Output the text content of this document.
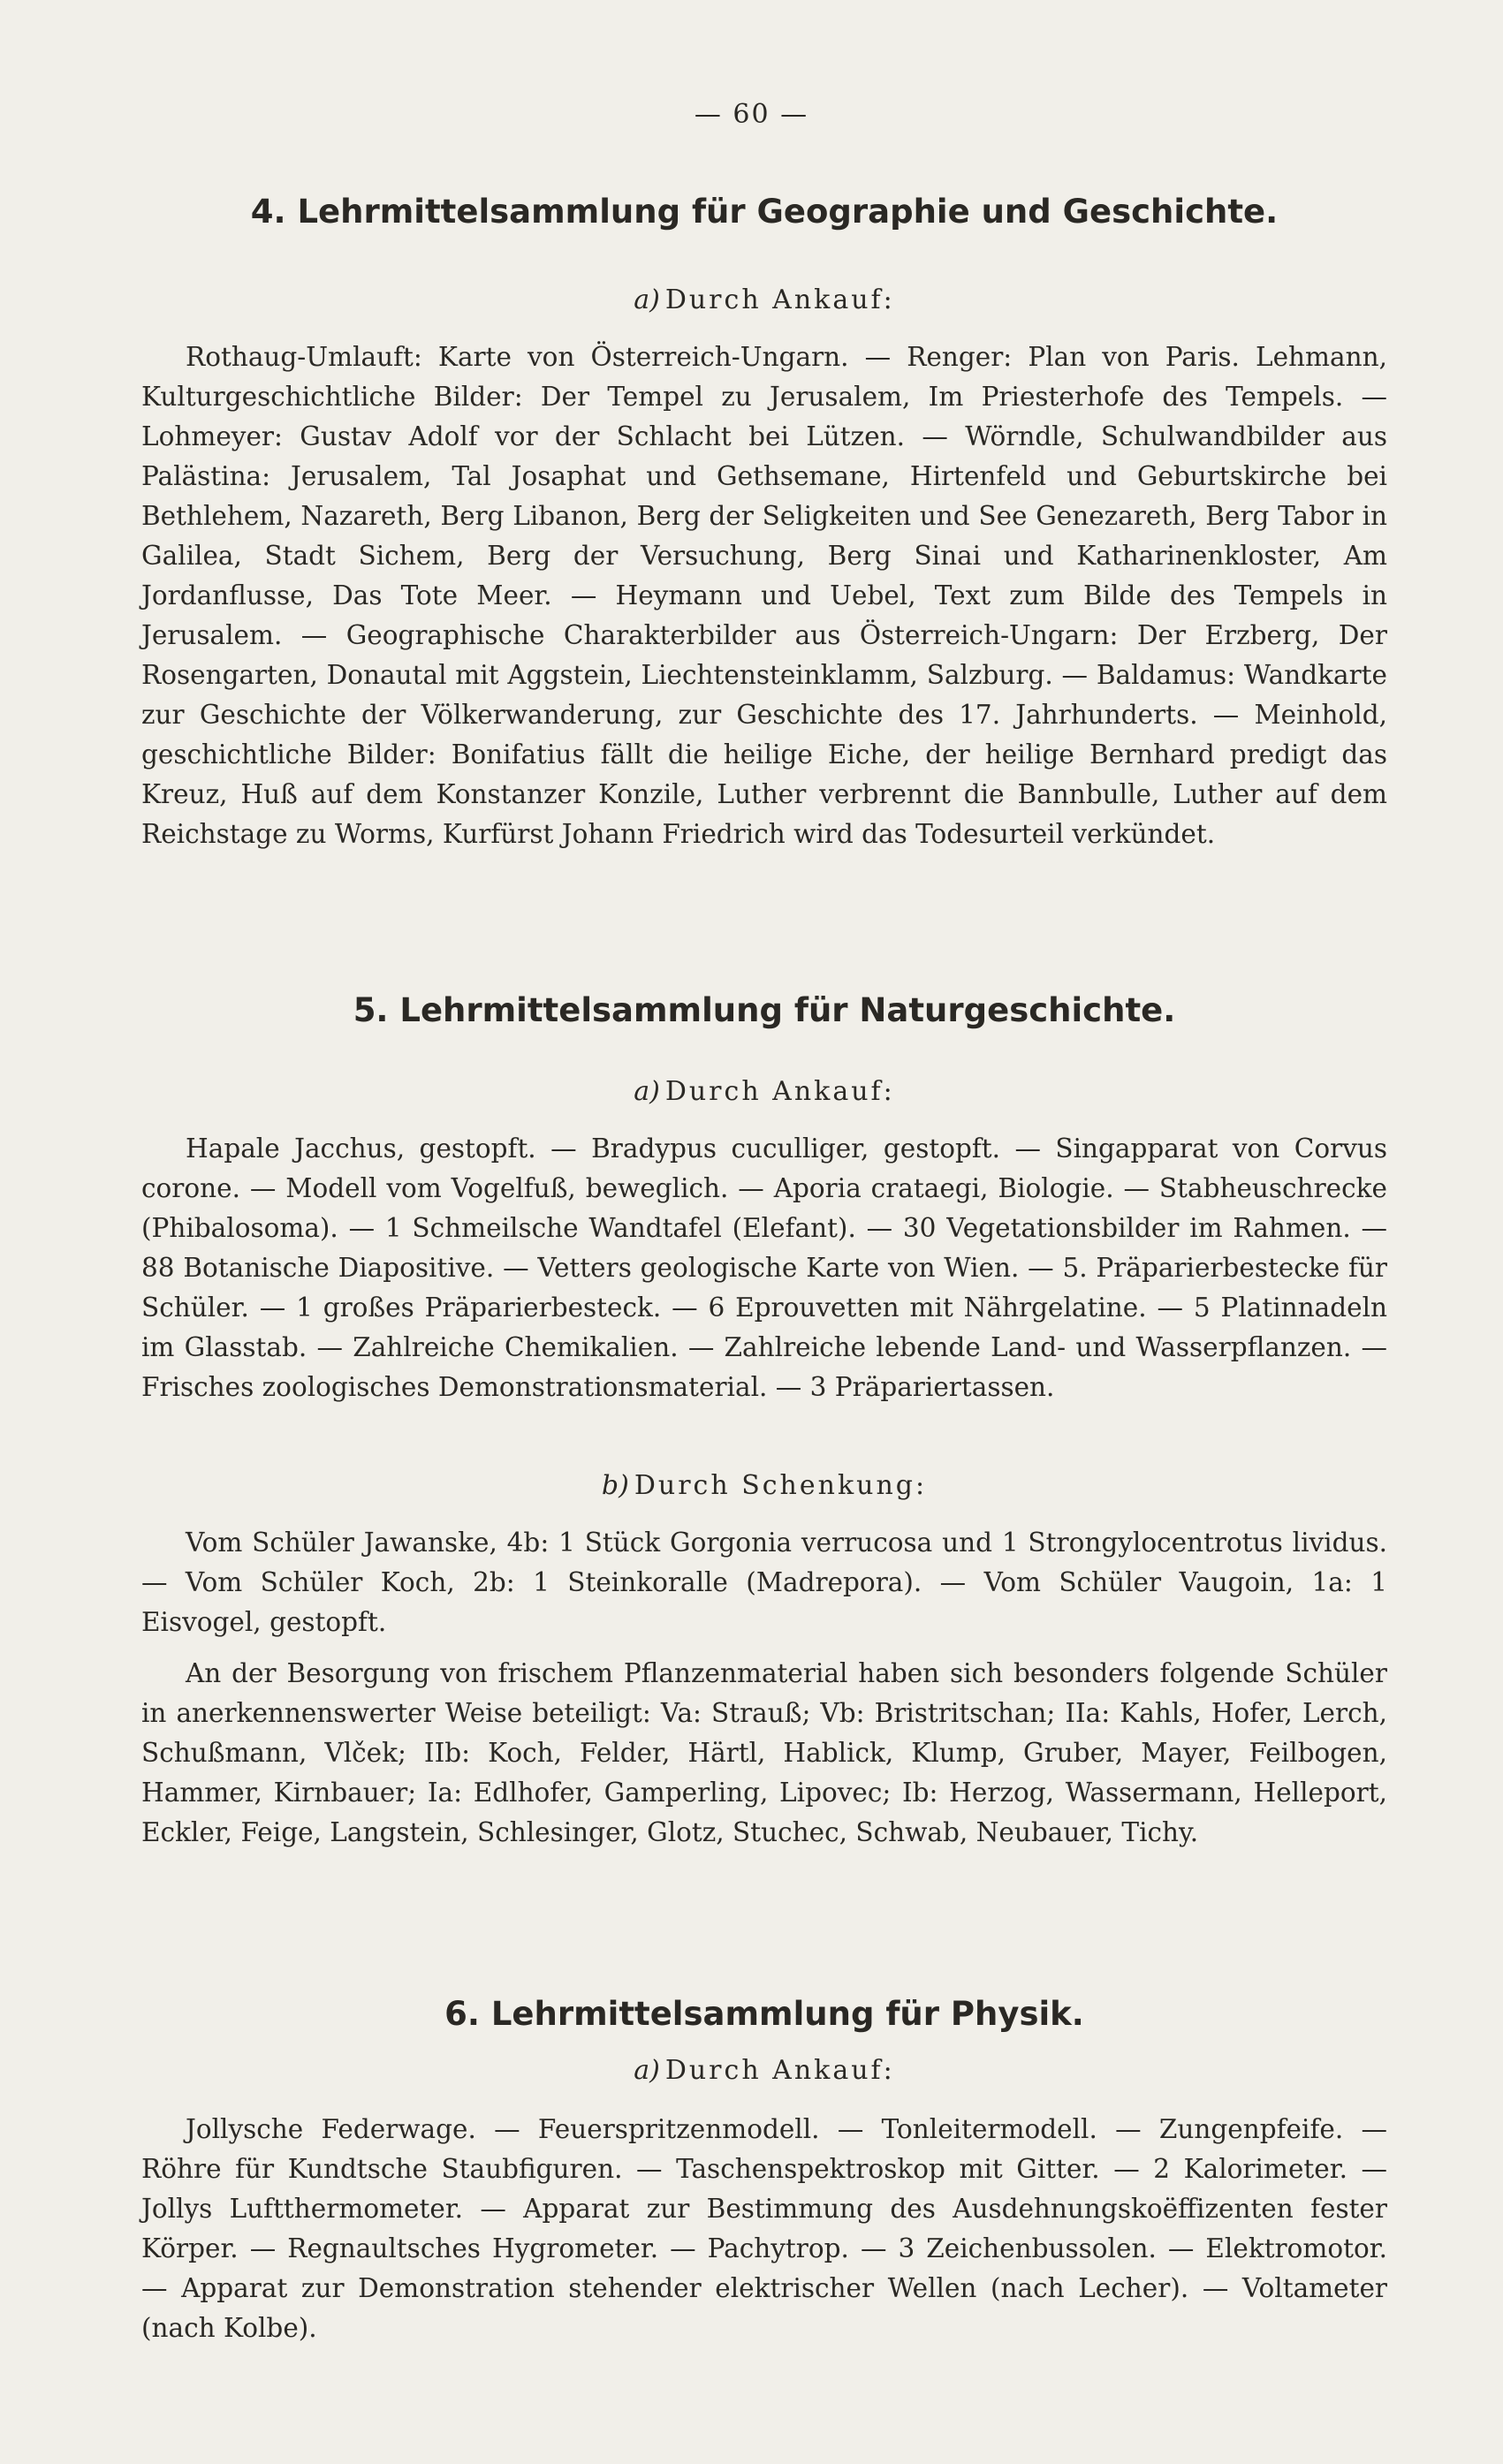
— 60 —
4. Lehrmittelsammlung für Geographie und Geschichte.
a) Durch Ankauf:

Rothaug-Umlauft: Karte von Österreich-Ungarn. — Renger: Plan von Paris. Lehmann, Kulturgeschichtliche Bilder: Der Tempel zu Jerusalem, Im Priesterhofe des Tempels. — Lohmeyer: Gustav Adolf vor der Schlacht bei Lützen. — Wörndle, Schulwandbilder aus Palästina: Jerusalem, Tal Josaphat und Gethsemane, Hirtenfeld und Geburtskirche bei Bethlehem, Nazareth, Berg Libanon, Berg der Seligkeiten und See Genezareth, Berg Tabor in Galilea, Stadt Sichem, Berg der Versuchung, Berg Sinai und Katharinenkloster, Am Jordanflusse, Das Tote Meer. — Heymann und Uebel, Text zum Bilde des Tempels in Jerusalem. — Geographische Charakterbilder aus Österreich-Ungarn: Der Erzberg, Der Rosengarten, Donautal mit Aggstein, Liechtensteinklamm, Salzburg. — Baldamus: Wandkarte zur Geschichte der Völkerwanderung, zur Geschichte des 17. Jahrhunderts. — Meinhold, geschichtliche Bilder: Bonifatius fällt die heilige Eiche, der heilige Bernhard predigt das Kreuz, Huß auf dem Konstanzer Konzile, Luther verbrennt die Bannbulle, Luther auf dem Reichstage zu Worms, Kurfürst Johann Friedrich wird das Todesurteil verkündet.

5. Lehrmittelsammlung für Naturgeschichte.
a) Durch Ankauf:

Hapale Jacchus, gestopft. — Bradypus cuculliger, gestopft. — Singapparat von Corvus corone. — Modell vom Vogelfuß, beweglich. — Aporia crataegi, Biologie. — Stabheuschrecke (Phibalosoma). — 1 Schmeilsche Wandtafel (Elefant). — 30 Vegetationsbilder im Rahmen. — 88 Botanische Diapositive. — Vetters geologische Karte von Wien. — 5. Präparierbestecke für Schüler. — 1 großes Präparierbesteck. — 6 Eprouvetten mit Nährgelatine. — 5 Platinnadeln im Glasstab. — Zahlreiche Chemikalien. — Zahlreiche lebende Land- und Wasserpflanzen. — Frisches zoologisches Demonstrationsmaterial. — 3 Präpariertassen.

b) Durch Schenkung:

Vom Schüler Jawanske, 4b: 1 Stück Gorgonia verrucosa und 1 Strongylocentrotus lividus. — Vom Schüler Koch, 2b: 1 Steinkoralle (Madrepora). — Vom Schüler Vaugoin, 1a: 1 Eisvogel, gestopft.

An der Besorgung von frischem Pflanzenmaterial haben sich besonders folgende Schüler in anerkennenswerter Weise beteiligt: Va: Strauß; Vb: Bristritschan; IIa: Kahls, Hofer, Lerch, Schußmann, Vlček; IIb: Koch, Felder, Härtl, Hablick, Klump, Gruber, Mayer, Feilbogen, Hammer, Kirnbauer; Ia: Edlhofer, Gamperling, Lipovec; Ib: Herzog, Wassermann, Helleport, Eckler, Feige, Langstein, Schlesinger, Glotz, Stuchec, Schwab, Neubauer, Tichy.

6. Lehrmittelsammlung für Physik.
a) Durch Ankauf:

Jollysche Federwage. — Feuerspritzenmodell. — Tonleitermodell. — Zungenpfeife. — Röhre für Kundtsche Staubfiguren. — Taschenspektroskop mit Gitter. — 2 Kalorimeter. — Jollys Luftthermometer. — Apparat zur Bestimmung des Ausdehnungskoëffizenten fester Körper. — Regnaultsches Hygrometer. — Pachytrop. — 3 Zeichenbussolen. — Elektromotor. — Apparat zur Demonstration stehender elektrischer Wellen (nach Lecher). — Voltameter (nach Kolbe).
